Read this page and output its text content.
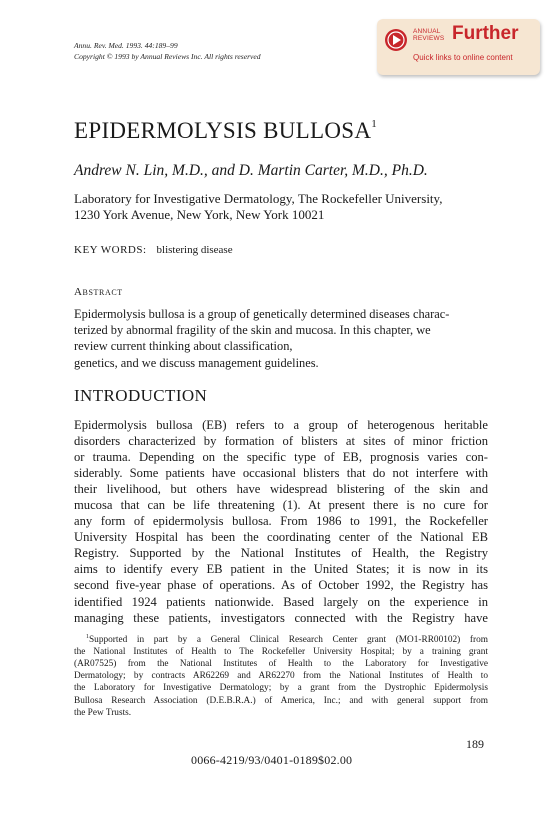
Annu. Rev. Med. 1993. 44:189–99
Copyright © 1993 by Annual Reviews Inc. All rights reserved
ANNUAL
REVIEWS Further
Quick links to online content
EPIDERMOLYSIS BULLOSA$^1$
Andrew N. Lin, M.D., and D. Martin Carter, M.D., Ph.D.
Laboratory for Investigative Dermatology, The Rockefeller University,
1230 York Avenue, New York, New York 10021
KEY WORDS: blistering disease
Abstract
Epidermolysis bullosa is a group of genetically determined diseases charac-
terized by abnormal fragility of the skin and mucosa. In this chapter, we
review current thinking about classification,
genetics, and we discuss management guidelines.
INTRODUCTION
Epidermolysis bullosa (EB) refers to a group of heterogenous heritable
disorders characterized by formation of blisters at sites of minor friction
or trauma. Depending on the specific type of EB, prognosis varies con-
siderably. Some patients have occasional blisters that do not interfere with
their livelihood, but others have widespread blistering of the skin and
mucosa that can be life threatening (1). At present there is no cure for
any form of epidermolysis bullosa. From 1986 to 1991, the Rockefeller
University Hospital has been the coordinating center of the National EB
Registry. Supported by the National Institutes of Health, the Registry
aims to identify every EB patient in the United States; it is now in its
second five-year phase of operations. As of October 1992, the Registry has
identified 1924 patients nationwide. Based largely on the experience in
managing these patients, investigators connected with the Registry have
$^1$Supported in part by a General Clinical Research Center grant (MO1-RR00102) from
the National Institutes of Health to The Rockefeller University Hospital; by a training grant
(AR07525) from the National Institutes of Health to the Laboratory for Investigative
Dermatology; by contracts AR62269 and AR62270 from the National Institutes of Health to
the Laboratory for Investigative Dermatology; by a grant from the Dystrophic Epidermolysis
Bullosa Research Association (D.E.B.R.A.) of America, Inc.; and with general support from
the Pew Trusts.
189
0066-4219/93/0401-0189$02.00
